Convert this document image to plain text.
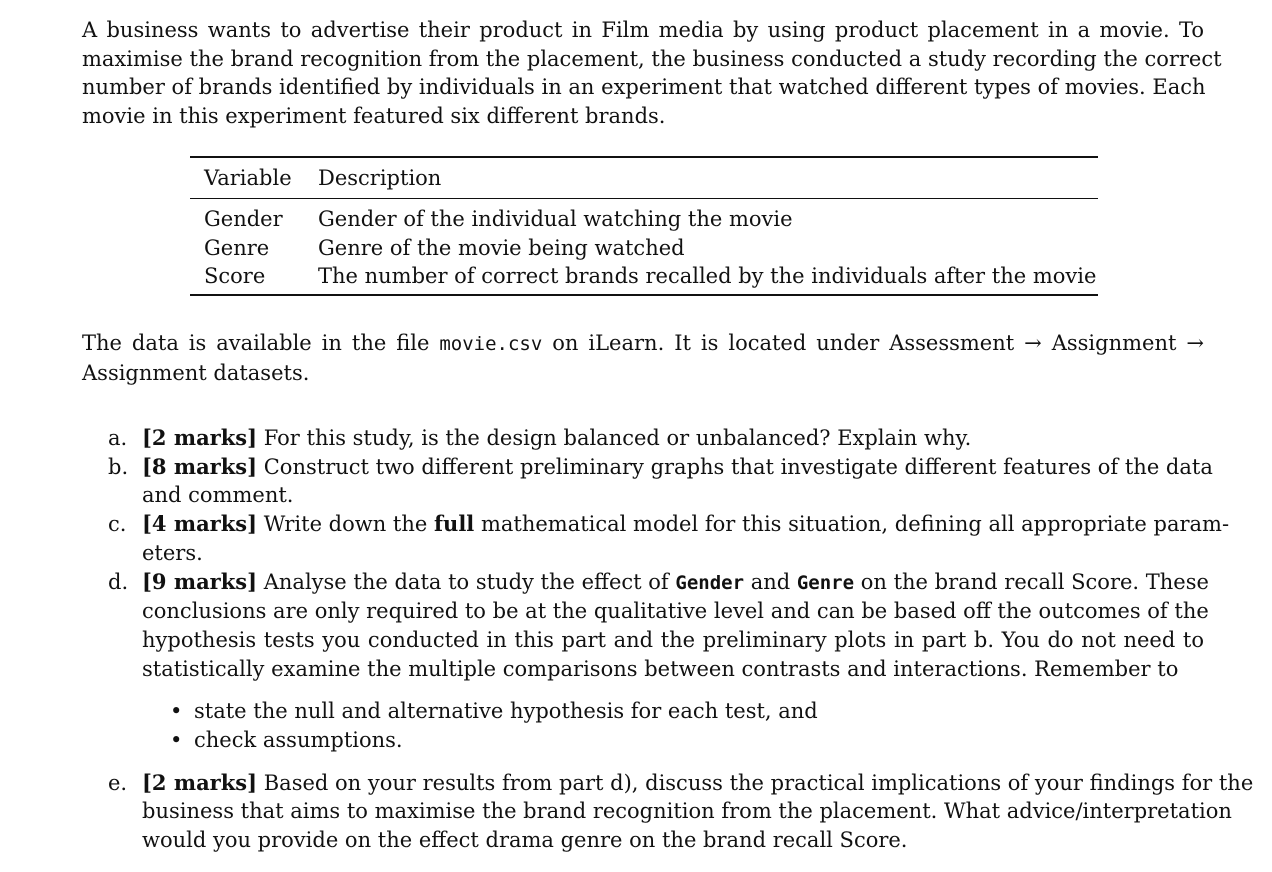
A business wants to advertise their product in Film media by using product placement in a movie. To
maximise the brand recognition from the placement, the business conducted a study recording the correct
number of brands identified by individuals in an experiment that watched different types of movies. Each
movie in this experiment featured six different brands.

Variable	Description
Gender	Gender of the individual watching the movie
Genre	Genre of the movie being watched
Score	The number of correct brands recalled by the individuals after the movie

The data is available in the file movie.csv on iLearn. It is located under Assessment → Assignment →
Assignment datasets.

a. [2 marks] For this study, is the design balanced or unbalanced? Explain why.
b. [8 marks] Construct two different preliminary graphs that investigate different features of the data
and comment.
c. [4 marks] Write down the full mathematical model for this situation, defining all appropriate param-
eters.
d. [9 marks] Analyse the data to study the effect of Gender and Genre on the brand recall Score. These
conclusions are only required to be at the qualitative level and can be based off the outcomes of the
hypothesis tests you conducted in this part and the preliminary plots in part b. You do not need to
statistically examine the multiple comparisons between contrasts and interactions. Remember to
• state the null and alternative hypothesis for each test, and
• check assumptions.
e. [2 marks] Based on your results from part d), discuss the practical implications of your findings for the
business that aims to maximise the brand recognition from the placement. What advice/interpretation
would you provide on the effect drama genre on the brand recall Score.
